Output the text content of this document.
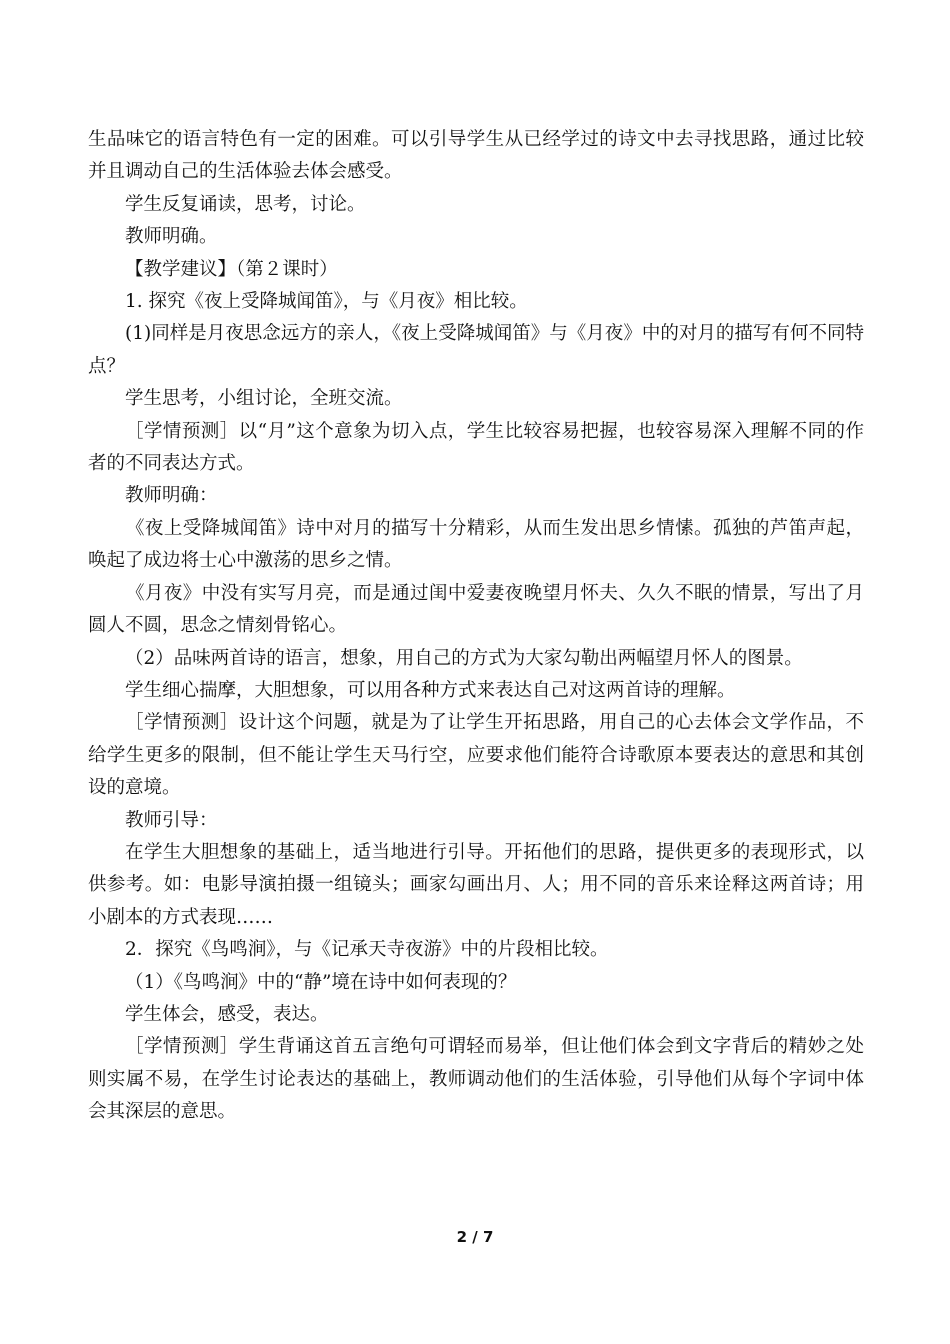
生品味它的语言特色有一定的困难。可以引导学生从已经学过的诗文中去寻找思路，通过比较并且调动自己的生活体验去体会感受。

学生反复诵读，思考，讨论。

教师明确。

【教学建议】（第２课时）

1. 探究《夜上受降城闻笛》，与《月夜》相比较。

(1)同样是月夜思念远方的亲人，《夜上受降城闻笛》与《月夜》中的对月的描写有何不同特点？

学生思考，小组讨论，全班交流。

［学情预测］以“月”这个意象为切入点，学生比较容易把握，也较容易深入理解不同的作者的不同表达方式。

教师明确：

《夜上受降城闻笛》诗中对月的描写十分精彩，从而生发出思乡情愫。孤独的芦笛声起，唤起了成边将士心中激荡的思乡之情。

《月夜》中没有实写月亮，而是通过闺中爱妻夜晚望月怀夫、久久不眠的情景，写出了月圆人不圆，思念之情刻骨铭心。

（2）品味两首诗的语言，想象，用自己的方式为大家勾勒出两幅望月怀人的图景。

学生细心揣摩，大胆想象，可以用各种方式来表达自己对这两首诗的理解。

［学情预测］设计这个问题，就是为了让学生开拓思路，用自己的心去体会文学作品，不给学生更多的限制，但不能让学生天马行空，应要求他们能符合诗歌原本要表达的意思和其创设的意境。

教师引导：

在学生大胆想象的基础上，适当地进行引导。开拓他们的思路，提供更多的表现形式，以供参考。如：电影导演拍摄一组镜头；画家勾画出月、人；用不同的音乐来诠释这两首诗；用小剧本的方式表现……

2．探究《鸟鸣涧》，与《记承天寺夜游》中的片段相比较。

（1）《鸟鸣涧》中的“静”境在诗中如何表现的？

学生体会，感受，表达。

［学情预测］学生背诵这首五言绝句可谓轻而易举，但让他们体会到文字背后的精妙之处则实属不易，在学生讨论表达的基础上，教师调动他们的生活体验，引导他们从每个字词中体会其深层的意思。

2 / 7
